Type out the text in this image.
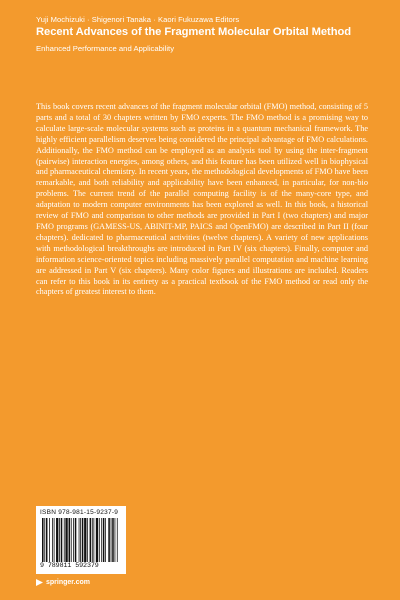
Yuji Mochizuki · Shigenori Tanaka · Kaori Fukuzawa Editors
Recent Advances of the Fragment Molecular Orbital Method
Enhanced Performance and Applicability

This book covers recent advances of the fragment molecular orbital (FMO) method, consisting of 5 parts and a total of 30 chapters written by FMO experts. The FMO method is a promising way to calculate large-scale molecular systems such as proteins in a quantum mechanical framework. The highly efficient parallelism deserves being considered the principal advantage of FMO calculations. Additionally, the FMO method can be employed as an analysis tool by using the inter-fragment (pairwise) interaction energies, among others, and this feature has been utilized well in biophysical and pharmaceutical chemistry. In recent years, the methodological developments of FMO have been remarkable, and both reliability and applicability have been enhanced, in particular, for non-bio problems. The current trend of the parallel computing facility is of the many-core type, and adaptation to modern computer environments has been explored as well. In this book, a historical review of FMO and comparison to other methods are provided in Part I (two chapters) and major FMO programs (GAMESS-US, ABINIT-MP, PAICS and OpenFMO) are described in Part II (four chapters). dedicated to pharmaceutical activities (twelve chapters). A variety of new applications with methodological breakthroughs are introduced in Part IV (six chapters). Finally, computer and information science-oriented topics including massively parallel computation and machine learning are addressed in Part V (six chapters). Many color figures and illustrations are included. Readers can refer to this book in its entirety as a practical textbook of the FMO method or read only the chapters of greatest interest to them.

ISBN 978-981-15-9237-9
9 789811 592379
springer.com
